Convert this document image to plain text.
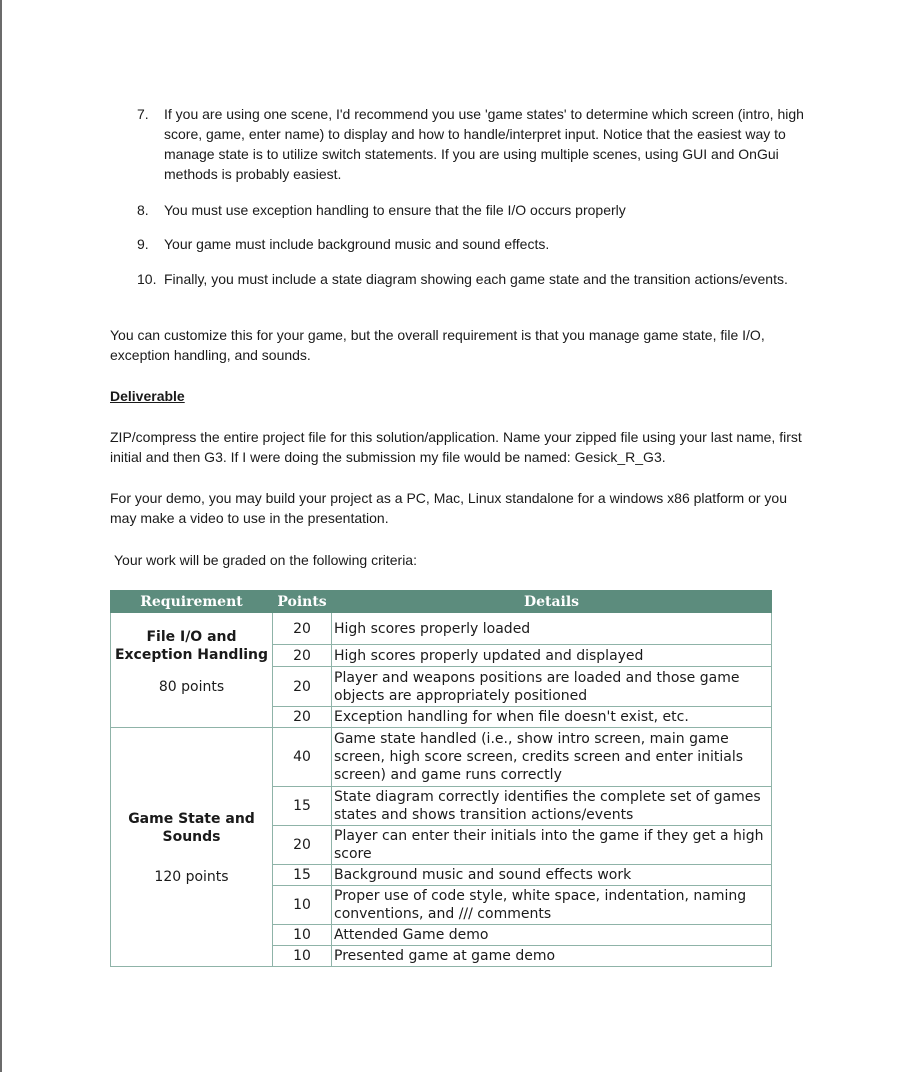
7.	If you are using one scene, I'd recommend you use 'game states' to determine which screen (intro, high score, game, enter name) to display and how to handle/interpret input. Notice that the easiest way to manage state is to utilize switch statements. If you are using multiple scenes, using GUI and OnGui methods is probably easiest.
8.	You must use exception handling to ensure that the file I/O occurs properly
9.	Your game must include background music and sound effects.
10. Finally, you must include a state diagram showing each game state and the transition actions/events.
You can customize this for your game, but the overall requirement is that you manage game state, file I/O, exception handling, and sounds.
Deliverable
ZIP/compress the entire project file for this solution/application. Name your zipped file using your last name, first initial and then G3. If I were doing the submission my file would be named: Gesick_R_G3.
For your demo, you may build your project as a PC, Mac, Linux standalone for a windows x86 platform or you may make a video to use in the presentation.
Your work will be graded on the following criteria:
Requirement	Points	Details

File I/O and Exception Handling
80 points	20	High scores properly loaded
	20	High scores properly updated and displayed
	20	Player and weapons positions are loaded and those game objects are appropriately positioned
	20	Exception handling for when file doesn't exist, etc.

Game State and Sounds
120 points	40	Game state handled (i.e., show intro screen, main game screen, high score screen, credits screen and enter initials screen) and game runs correctly
	15	State diagram correctly identifies the complete set of games states and shows transition actions/events
	20	Player can enter their initials into the game if they get a high score
	15	Background music and sound effects work
	10	Proper use of code style, white space, indentation, naming conventions, and /// comments
	10	Attended Game demo
	10	Presented game at game demo
